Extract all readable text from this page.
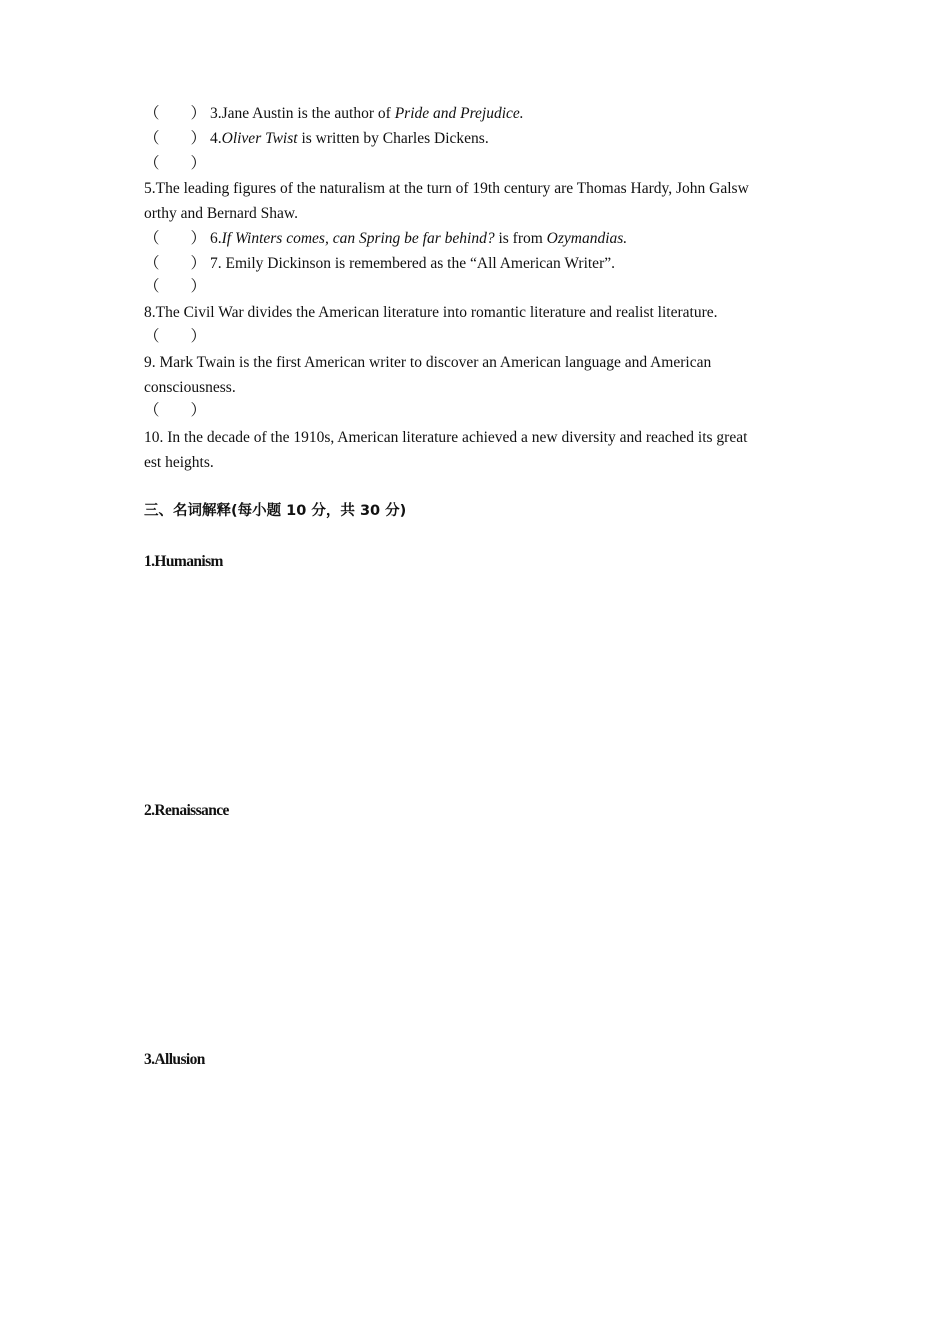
（　　） 3.Jane Austin is the author of Pride and Prejudice.
（　　） 4.Oliver Twist is written by Charles Dickens.
（　　）
5.The leading figures of the naturalism at the turn of 19th century are Thomas Hardy, John Galsw
orthy and Bernard Shaw.
（　　） 6.If Winters comes, can Spring be far behind? is from Ozymandias.
（　　） 7. Emily Dickinson is remembered as the “All American Writer”.
（　　）
8.The Civil War divides the American literature into romantic literature and realist literature.
（　　）
9. Mark Twain is the first American writer to discover an American language and American
consciousness.
（　　）
10. In the decade of the 1910s, American literature achieved a new diversity and reached its great
est heights.
三、名词解释(每小题 10 分，共 30 分)
1.Humanism
2.Renaissance
3.Allusion
